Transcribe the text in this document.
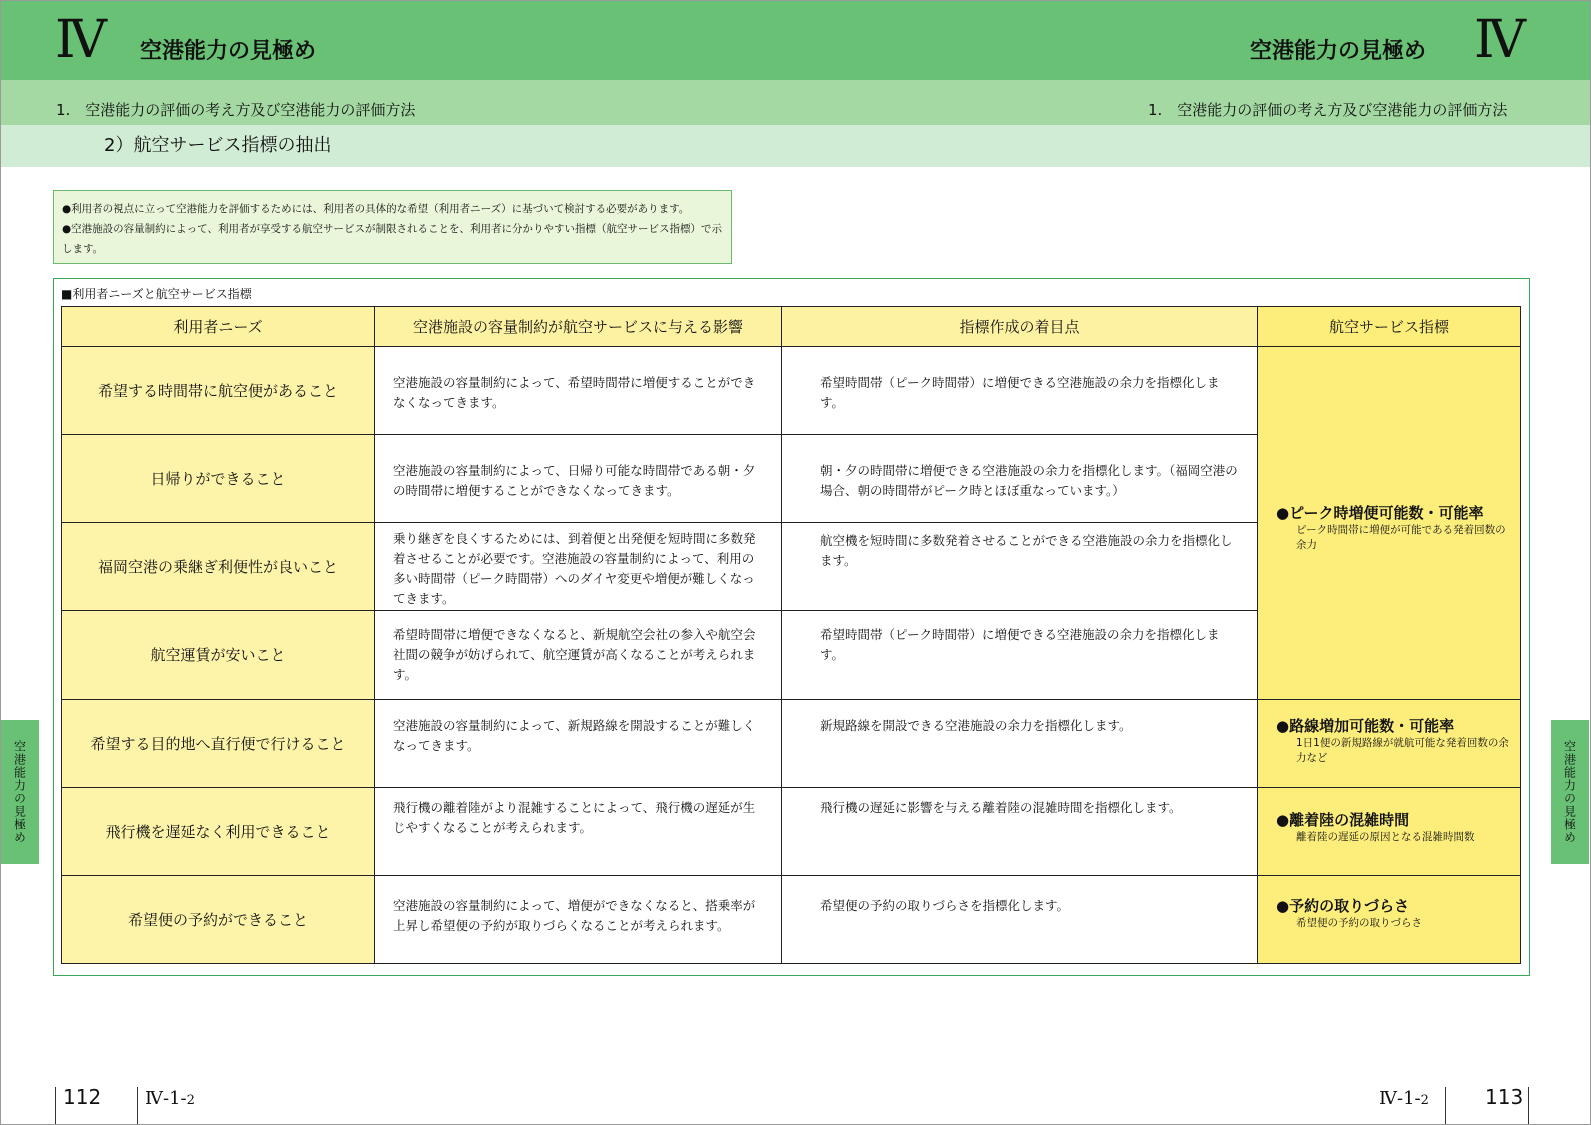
Ⅳ 空港能力の見極め	空港能力の見極め Ⅳ
1.　空港能力の評価の考え方及び空港能力の評価方法	1.　空港能力の評価の考え方及び空港能力の評価方法
2）航空サービス指標の抽出
●利用者の視点に立って空港能力を評価するためには、利用者の具体的な希望（利用者ニーズ）に基づいて検討する必要があります。
●空港施設の容量制約によって、利用者が享受する航空サービスが制限されることを、利用者に分かりやすい指標（航空サービス指標）で示します。
■利用者ニーズと航空サービス指標
利用者ニーズ	空港施設の容量制約が航空サービスに与える影響	指標作成の着目点	航空サービス指標
希望する時間帯に航空便があること	空港施設の容量制約によって、希望時間帯に増便することができなくなってきます。	希望時間帯（ピーク時間帯）に増便できる空港施設の余力を指標化します。	●ピーク時増便可能数・可能率
ピーク時間帯に増便が可能である発着回数の余力

日帰りができること	空港施設の容量制約によって、日帰り可能な時間帯である朝・夕の時間帯に増便することができなくなってきます。	朝・夕の時間帯に増便できる空港施設の余力を指標化します。（福岡空港の場合、朝の時間帯がピーク時とほぼ重なっています。）	
福岡空港の乗継ぎ利便性が良いこと	乗り継ぎを良くするためには、到着便と出発便を短時間に多数発着させることが必要です。空港施設の容量制約によって、利用の多い時間帯（ピーク時間帯）へのダイヤ変更や増便が難しくなってきます。	航空機を短時間に多数発着させることができる空港施設の余力を指標化します。	
航空運賃が安いこと	希望時間帯に増便できなくなると、新規航空会社の参入や航空会社間の競争が妨げられて、航空運賃が高くなることが考えられます。	希望時間帯（ピーク時間帯）に増便できる空港施設の余力を指標化します。	
希望する目的地へ直行便で行けること	空港施設の容量制約によって、新規路線を開設することが難しくなってきます。	新規路線を開設できる空港施設の余力を指標化します。	●路線増加可能数・可能率
1日1便の新規路線が就航可能な発着回数の余力など

飛行機を遅延なく利用できること	飛行機の離着陸がより混雑することによって、飛行機の遅延が生じやすくなることが考えられます。	飛行機の遅延に影響を与える離着陸の混雑時間を指標化します。	●離着陸の混雑時間
離着陸の遅延の原因となる混雑時間数

希望便の予約ができること	空港施設の容量制約によって、増便ができなくなると、搭乗率が上昇し希望便の予約が取りづらくなることが考えられます。	希望便の予約の取りづらさを指標化します。	●予約の取りづらさ
希望便の予約の取りづらさ
空港能力の見極め	空港能力の見極め
112 Ⅳ-1-2	Ⅳ-1-2	113
